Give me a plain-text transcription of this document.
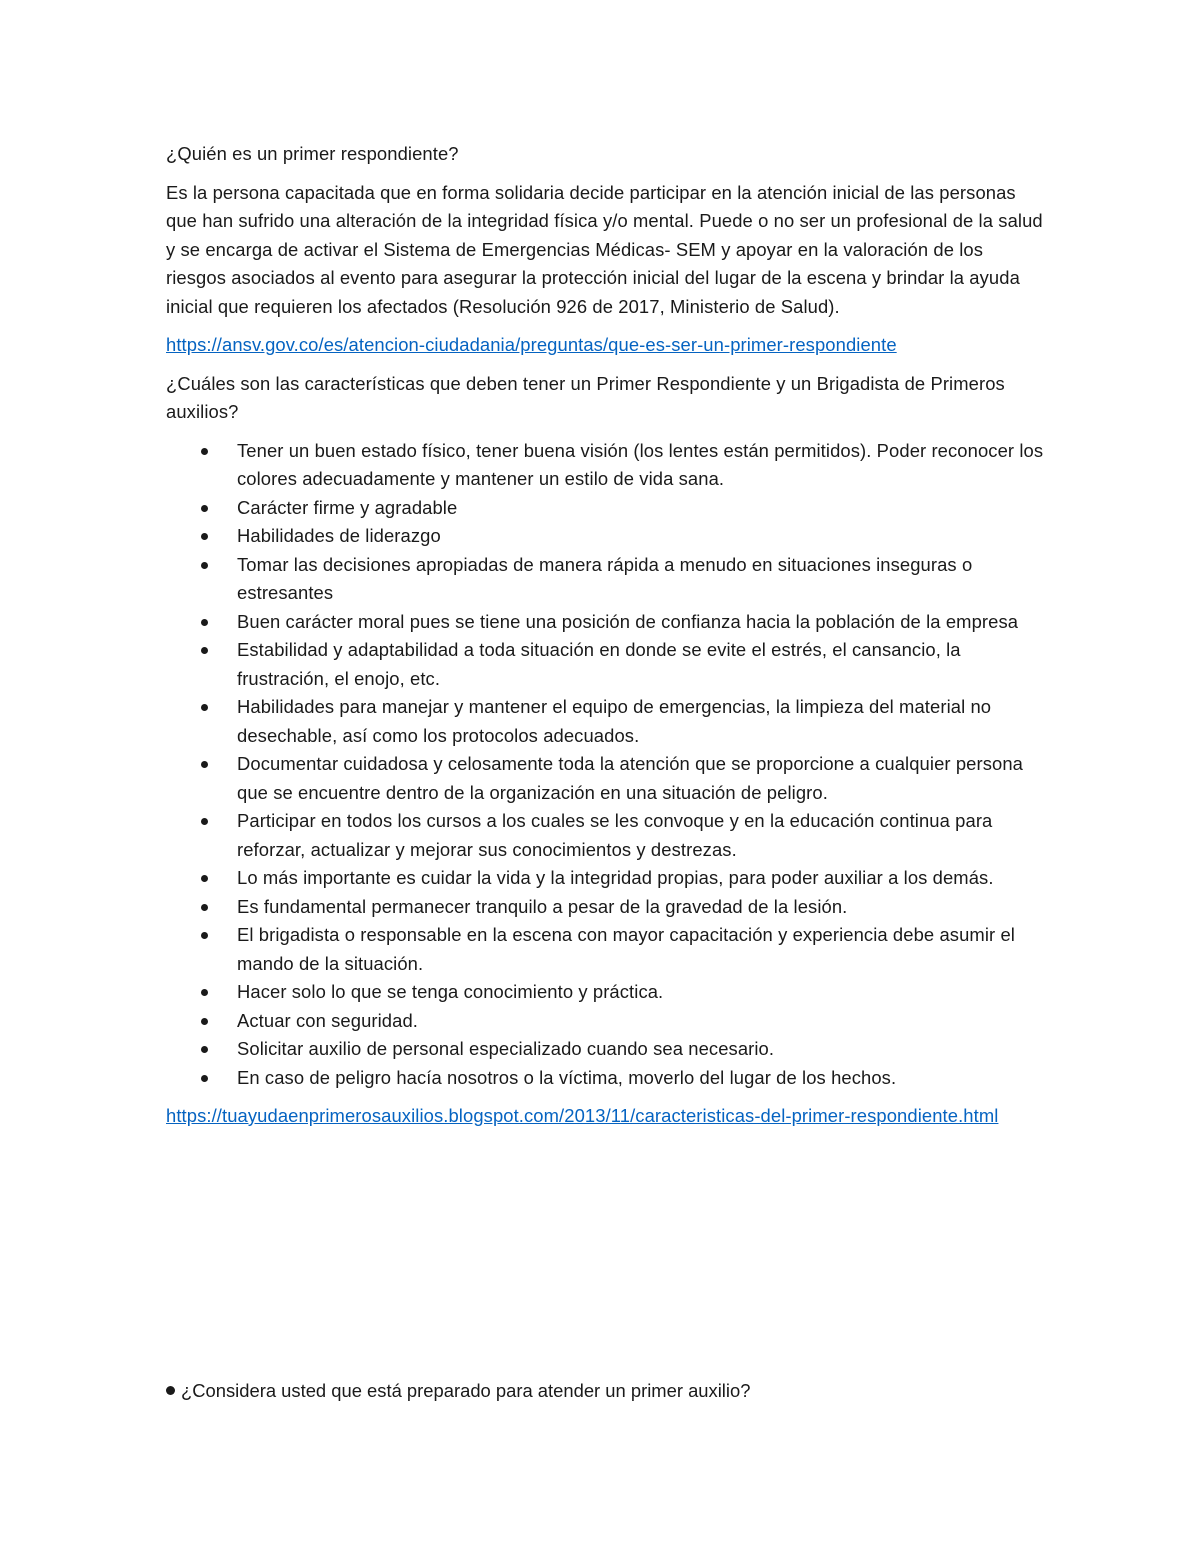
¿Quién es un primer respondiente?

Es la persona capacitada que en forma solidaria decide participar en la atención inicial de las personas que han sufrido una alteración de la integridad física y/o mental. Puede o no ser un profesional de la salud y se encarga de activar el Sistema de Emergencias Médicas- SEM y apoyar en la valoración de los riesgos asociados al evento para asegurar la protección inicial del lugar de la escena y brindar la ayuda inicial que requieren los afectados (Resolución 926 de 2017, Ministerio de Salud).

https://ansv.gov.co/es/atencion-ciudadania/preguntas/que-es-ser-un-primer-respondiente

¿Cuáles son las características que deben tener un Primer Respondiente y un Brigadista de Primeros auxilios?

Tener un buen estado físico, tener buena visión (los lentes están permitidos). Poder reconocer los colores adecuadamente y mantener un estilo de vida sana.
Carácter firme y agradable
Habilidades de liderazgo
Tomar las decisiones apropiadas de manera rápida a menudo en situaciones inseguras o estresantes
Buen carácter moral pues se tiene una posición de confianza hacia la población de la empresa
Estabilidad y adaptabilidad a toda situación en donde se evite el estrés, el cansancio, la frustración, el enojo, etc.
Habilidades para manejar y mantener el equipo de emergencias, la limpieza del material no desechable, así como los protocolos adecuados.
Documentar cuidadosa y celosamente toda la atención que se proporcione a cualquier persona que se encuentre dentro de la organización en una situación de peligro.
Participar en todos los cursos a los cuales se les convoque y en la educación continua para reforzar, actualizar y mejorar sus conocimientos y destrezas.
Lo más importante es cuidar la vida y la integridad propias, para poder auxiliar a los demás.
Es fundamental permanecer tranquilo a pesar de la gravedad de la lesión.
El brigadista o responsable en la escena con mayor capacitación y experiencia debe asumir el mando de la situación.
Hacer solo lo que se tenga conocimiento y práctica.
Actuar con seguridad.
Solicitar auxilio de personal especializado cuando sea necesario.
En caso de peligro hacía nosotros o la víctima, moverlo del lugar de los hechos.
https://tuayudaenprimerosauxilios.blogspot.com/2013/11/caracteristicas-del-primer-respondiente.html
¿Considera usted que está preparado para atender un primer auxilio?
